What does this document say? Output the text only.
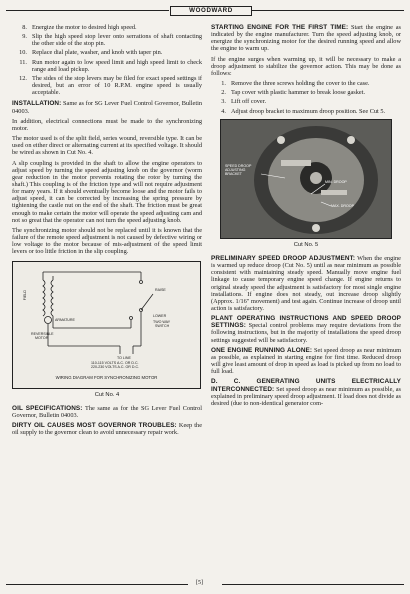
WOODWARD
8. Energize the motor to desired high speed.
9. Slip the high speed stop lever onto serrations of shaft contacting the other side of the stop pin.
10. Replace dial plate, washer, and knob with taper pin.
11. Run motor again to low speed limit and high speed limit to check range and load pickup.
12. The sides of the stop levers may be filed for exact speed settings if desired, but an error of 10 R.P.M. engine speed is usually acceptable.

INSTALLATION: Same as for SG Lever Fuel Control Governor, Bulletin 04003.

In addition, electrical connections must be made to the synchronizing motor.

The motor used is of the split field, series wound, reversible type. It can be used on either direct or alternating current at its specified voltage. It should be wired as shown in Cut No. 4.

A slip coupling is provided in the shaft to allow the engine operators to adjust speed by turning the speed adjusting knob on the governor (worm gear reduction in the motor prevents rotating the rotor by turning the shaft.) This coupling is of the friction type and will not require adjustment for many years. If it should eventually become loose and the motor fails to adjust speed, it can be corrected by increasing the spring pressure by tightening the castle nut on the end of the shaft. The friction must be great enough to make certain the motor will operate the speed adjusting cam and not so great that the operator can not turn the speed adjusting knob.

The synchronizing motor should not be replaced until it is known that the failure of the remote speed adjustment is not caused by defective wiring or low voltage to the motor because of mis-adjustment of the speed limit levers or too little friction in the slip coupling.

FIELD
ARMATURE
REVERSIBLE
MOTOR
RAISE
LOWER
TWO WAY
SWITCH
TO LINE
110-115 VOLTS A.C. OR D.C.
220-230 VOLTS A.C. OR D.C.
WIRING DIAGRAM FOR SYNCHRONIZING MOTOR
Cut No. 4

OIL SPECIFICATIONS: The same as for the SG Lever Fuel Control Governor, Bulletin 04003.

DIRTY OIL CAUSES MOST GOVERNOR TROUBLES: Keep the oil supply to the governor clean to avoid unnecessary repair work.

STARTING ENGINE FOR THE FIRST TIME: Start the engine as indicated by the engine manufacturer. Turn the speed adjusting knob, or energize the synchronizing motor for the desired running speed and allow the engine to warm up.

If the engine surges when warming up, it will be necessary to make a droop adjustment to stabilize the governor action. This may be done as follows:

1. Remove the three screws holding the cover to the case.
2. Tap cover with plastic hammer to break loose gasket.
3. Lift off cover.
4. Adjust droop bracket to maximum droop position. See Cut 5.
SPEED DROOP
ADJUSTING
BRACKET
MIN. DROOP
MAX. DROOP
Cut No. 5

PRELIMINARY SPEED DROOP ADJUSTMENT: When the engine is warmed up reduce droop (Cut No. 5) until as near minimum as possible consistent with maintaining steady speed. Manually move engine fuel linkage to cause temporary engine speed change. If engine returns to original steady speed the adjustment is satisfactory for most single engine installations. If engine does not steady, out increase droop slightly (Approx. 1/16" movement) and test again. Continue increase of droop until action is satisfactory.

PLANT OPERATING INSTRUCTIONS AND SPEED DROOP SETTINGS: Special control problems may require deviations from the following instructions, but in the majority of installations the speed droop settings suggested will be satisfactory.

ONE ENGINE RUNNING ALONE: Set speed droop as near minimum as possible, as explained in starting engine for first time. Reduced droop will give least amount of drop in speed as load is picked up from no load to full load.

D. C. GENERATING UNITS ELECTRICALLY INTERCONNECTED: Set speed droop as near minimum as possible, as explained in preliminary speed droop adjustment. If load does not divide as desired (due to non-identical generator com-

[5]
